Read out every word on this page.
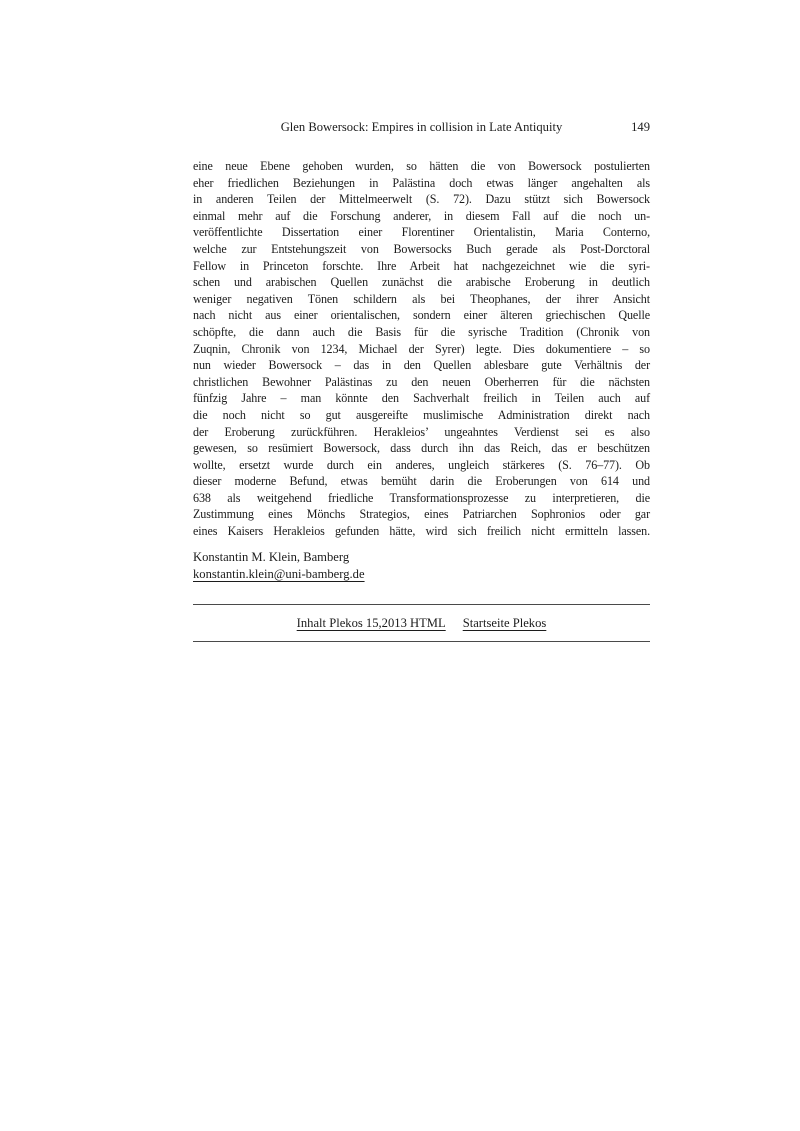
Glen Bowersock: Empires in collision in Late Antiquity	149
eine neue Ebene gehoben wurden, so hätten die von Bowersock postulierten
eher friedlichen Beziehungen in Palästina doch etwas länger angehalten als
in anderen Teilen der Mittelmeerwelt (S. 72). Dazu stützt sich Bowersock
einmal mehr auf die Forschung anderer, in diesem Fall auf die noch un-
veröffentlichte Dissertation einer Florentiner Orientalistin, Maria Conterno,
welche zur Entstehungszeit von Bowersocks Buch gerade als Post-Dorctoral
Fellow in Princeton forschte. Ihre Arbeit hat nachgezeichnet wie die syri-
schen und arabischen Quellen zunächst die arabische Eroberung in deutlich
weniger negativen Tönen schildern als bei Theophanes, der ihrer Ansicht
nach nicht aus einer orientalischen, sondern einer älteren griechischen Quelle
schöpfte, die dann auch die Basis für die syrische Tradition (Chronik von
Zuqnin, Chronik von 1234, Michael der Syrer) legte. Dies dokumentiere – so
nun wieder Bowersock – das in den Quellen ablesbare gute Verhältnis der
christlichen Bewohner Palästinas zu den neuen Oberherren für die nächsten
fünfzig Jahre – man könnte den Sachverhalt freilich in Teilen auch auf
die noch nicht so gut ausgereifte muslimische Administration direkt nach
der Eroberung zurückführen. Herakleios’ ungeahntes Verdienst sei es also
gewesen, so resümiert Bowersock, dass durch ihn das Reich, das er beschützen
wollte, ersetzt wurde durch ein anderes, ungleich stärkeres (S. 76–77). Ob
dieser moderne Befund, etwas bemüht darin die Eroberungen von 614 und
638 als weitgehend friedliche Transformationsprozesse zu interpretieren, die
Zustimmung eines Mönchs Strategios, eines Patriarchen Sophronios oder gar
eines Kaisers Herakleios gefunden hätte, wird sich freilich nicht ermitteln lassen.
Konstantin M. Klein, Bamberg
konstantin.klein@uni-bamberg.de
Inhalt Plekos 15,2013 HTML Startseite Plekos
